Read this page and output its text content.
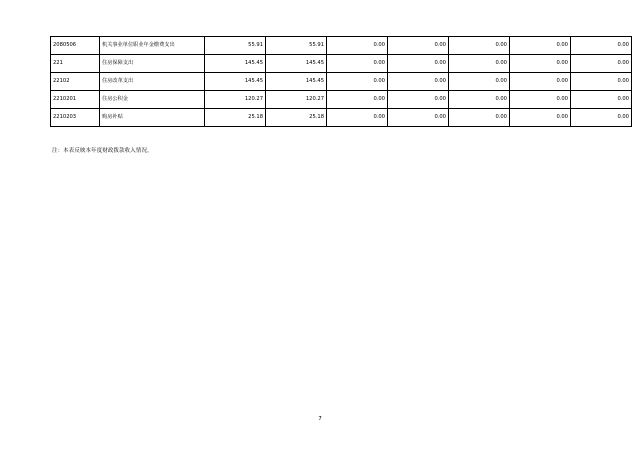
2080506	机关事业单位职业年金缴费支出	55.91	55.91	0.00	0.00	0.00	0.00	0.00
221	住房保障支出	145.45	145.45	0.00	0.00	0.00	0.00	0.00
22102	住房改革支出	145.45	145.45	0.00	0.00	0.00	0.00	0.00
2210201	住房公积金	120.27	120.27	0.00	0.00	0.00	0.00	0.00
2210203	购房补贴	25.18	25.18	0.00	0.00	0.00	0.00	0.00
注：本表反映本年度财政拨款收入情况。
7
